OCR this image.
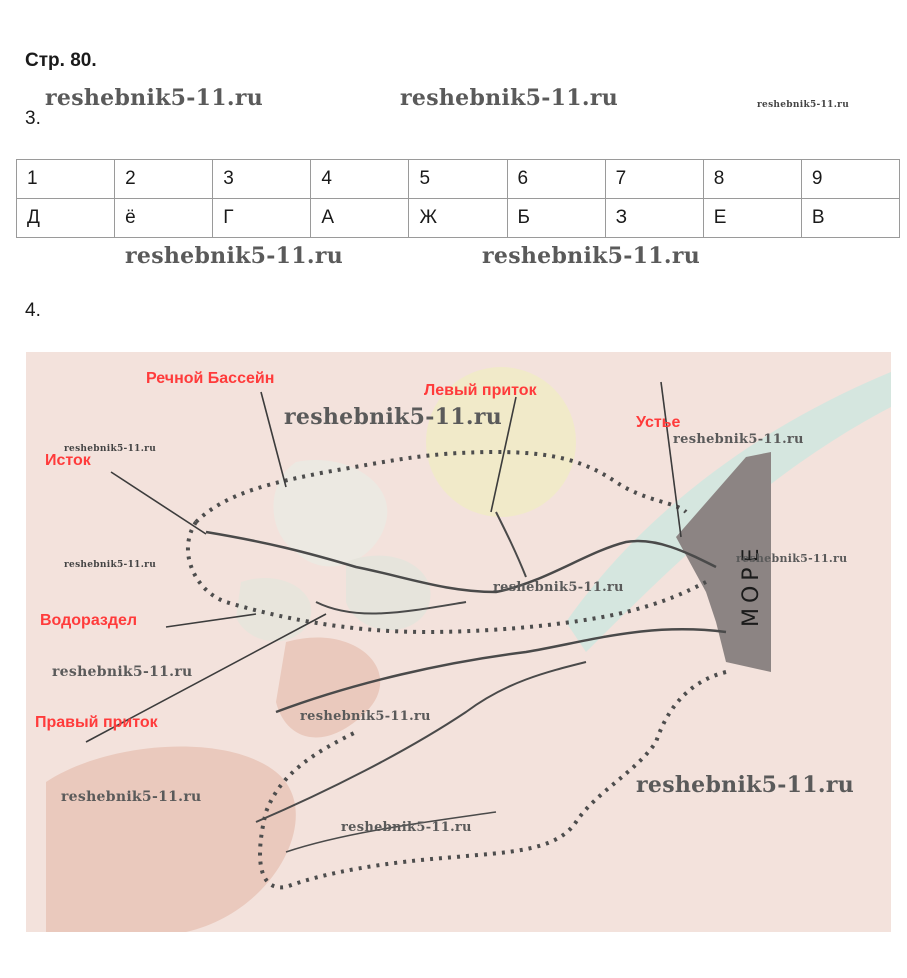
Стр. 80.
3.
4.
reshebnik5-11.ru	reshebnik5-11.ru	reshebnik5-11.ru
reshebnik5-11.ru	reshebnik5-11.ru
1	2	3	4	5	6	7	8	9
Д	ё	Г	А	Ж	Б	З	Е	В
Речной Бассейн
Левый приток
Устье
Исток
Водораздел
Правый приток
МОРЕ
reshebnik5-11.ru
reshebnik5-11.ru
reshebnik5-11.ru
reshebnik5-11.ru
reshebnik5-11.ru
reshebnik5-11.ru
reshebnik5-11.ru
reshebnik5-11.ru
reshebnik5-11.ru	reshebnik5-11.ru
reshebnik5-11.ru
